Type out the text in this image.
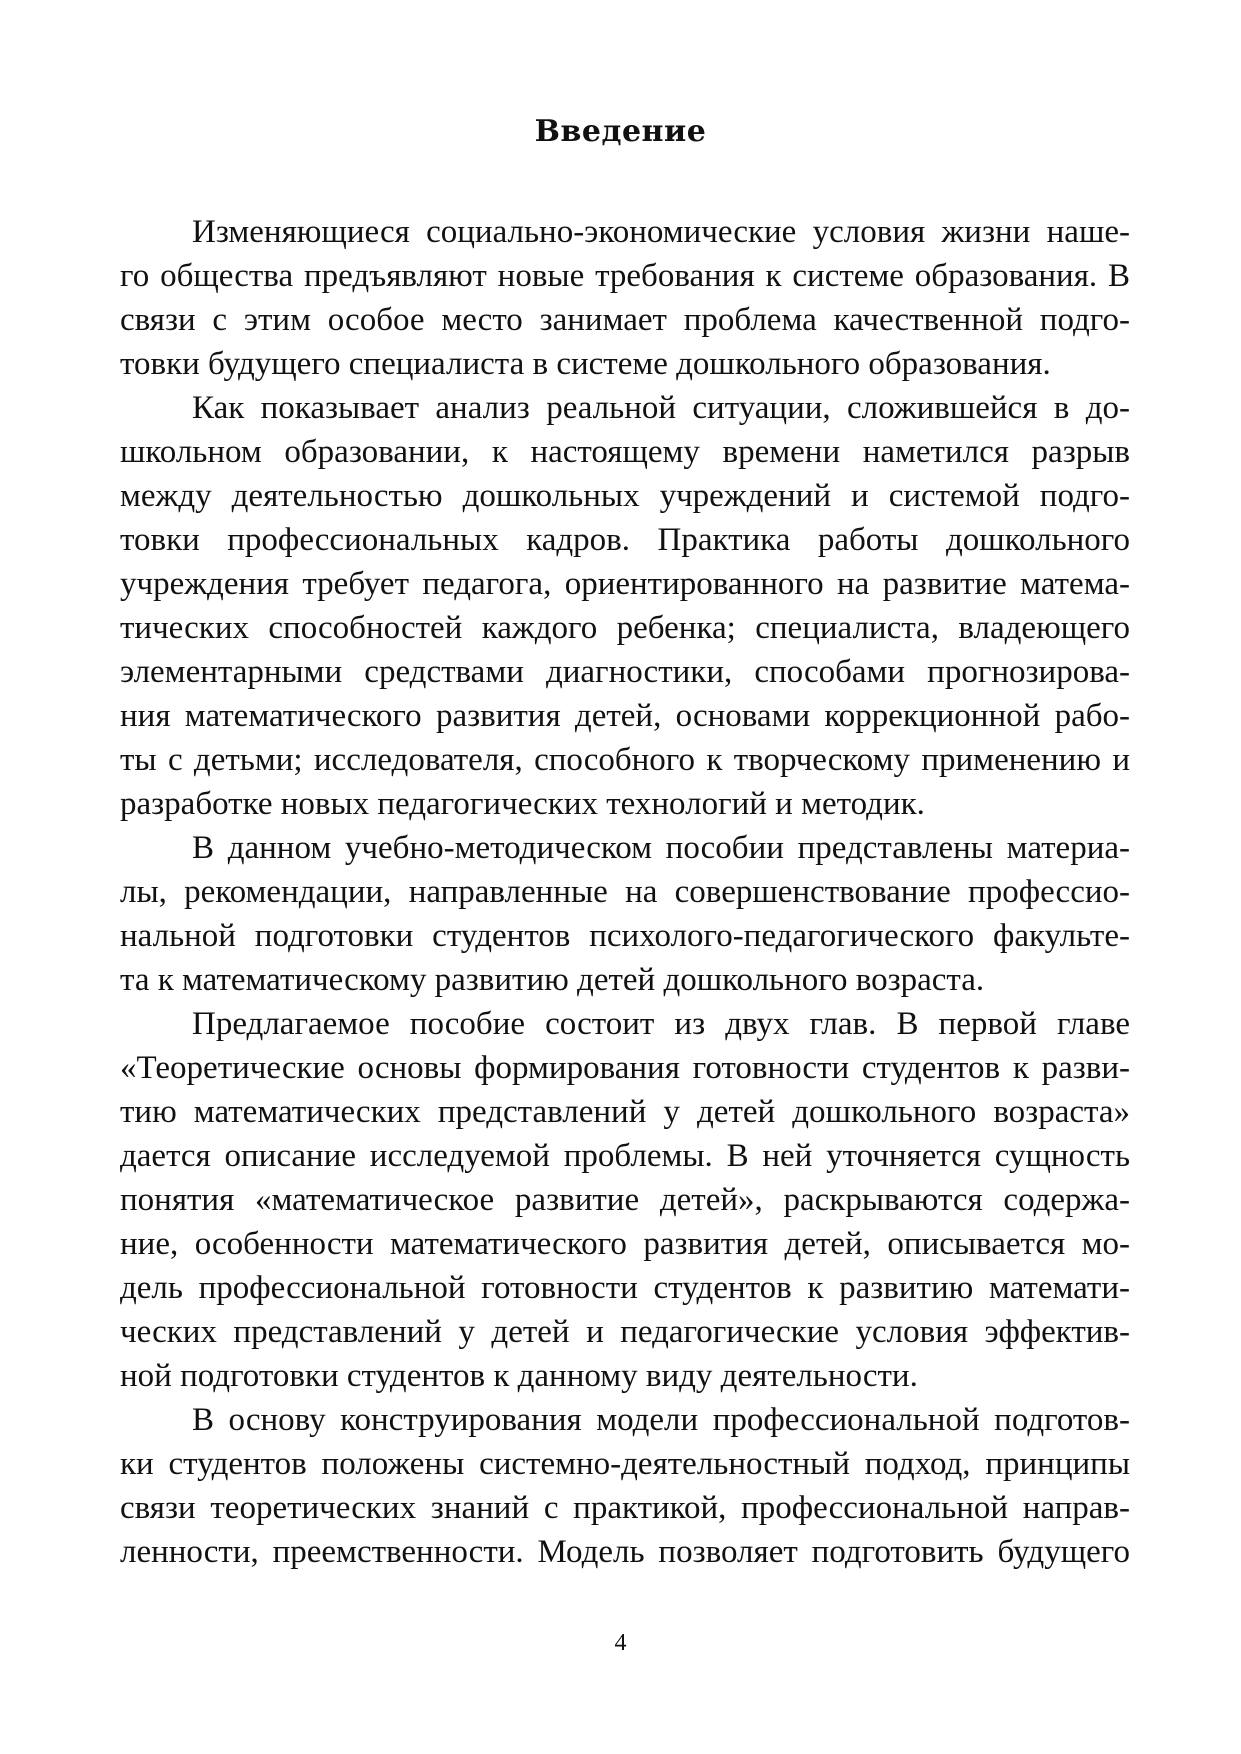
Введение

Изменяющиеся социально-экономические условия жизни наше-
го общества предъявляют новые требования к системе образования. В
связи с этим особое место занимает проблема качественной подго-
товки будущего специалиста в системе дошкольного образования.

Как показывает анализ реальной ситуации, сложившейся в до-
школьном образовании, к настоящему времени наметился разрыв
между деятельностью дошкольных учреждений и системой подго-
товки профессиональных кадров. Практика работы дошкольного
учреждения требует педагога, ориентированного на развитие матема-
тических способностей каждого ребенка; специалиста, владеющего
элементарными средствами диагностики, способами прогнозирова-
ния математического развития детей, основами коррекционной рабо-
ты с детьми; исследователя, способного к творческому применению и
разработке новых педагогических технологий и методик.

В данном учебно-методическом пособии представлены материа-
лы, рекомендации, направленные на совершенствование профессио-
нальной подготовки студентов психолого-педагогического факульте-
та к математическому развитию детей дошкольного возраста.

Предлагаемое пособие состоит из двух глав. В первой главе
«Теоретические основы формирования готовности студентов к разви-
тию математических представлений у детей дошкольного возраста»
дается описание исследуемой проблемы. В ней уточняется сущность
понятия «математическое развитие детей», раскрываются содержа-
ние, особенности математического развития детей, описывается мо-
дель профессиональной готовности студентов к развитию математи-
ческих представлений у детей и педагогические условия эффектив-
ной подготовки студентов к данному виду деятельности.

В основу конструирования модели профессиональной подготов-
ки студентов положены системно-деятельностный подход, принципы
связи теоретических знаний с практикой, профессиональной направ-
ленности, преемственности. Модель позволяет подготовить будущего

4
